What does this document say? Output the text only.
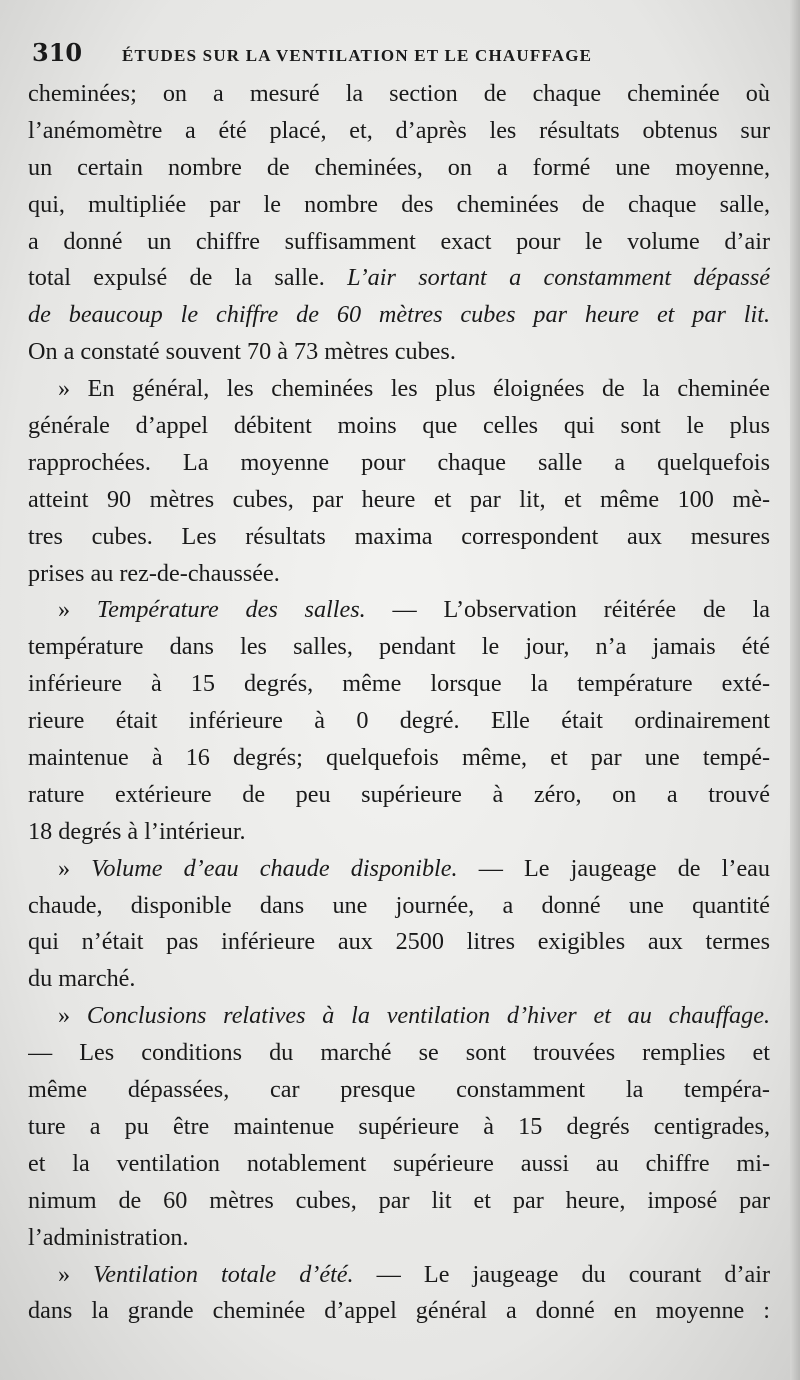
310	ÉTUDES SUR LA VENTILATION ET LE CHAUFFAGE
cheminées; on a mesuré la section de chaque cheminée où
l’anémomètre a été placé, et, d’après les résultats obtenus sur
un certain nombre de cheminées, on a formé une moyenne,
qui, multipliée par le nombre des cheminées de chaque salle,
a donné un chiffre suffisamment exact pour le volume d’air
total expulsé de la salle. L’air sortant a constamment dépassé
de beaucoup le chiffre de 60 mètres cubes par heure et par lit.
On a constaté souvent 70 à 73 mètres cubes.
» En général, les cheminées les plus éloignées de la cheminée
générale d’appel débitent moins que celles qui sont le plus
rapprochées. La moyenne pour chaque salle a quelquefois
atteint 90 mètres cubes, par heure et par lit, et même 100 mè-
tres cubes. Les résultats maxima correspondent aux mesures
prises au rez-de-chaussée.
» Température des salles. — L’observation réitérée de la
température dans les salles, pendant le jour, n’a jamais été
inférieure à 15 degrés, même lorsque la température exté-
rieure était inférieure à 0 degré. Elle était ordinairement
maintenue à 16 degrés; quelquefois même, et par une tempé-
rature extérieure de peu supérieure à zéro, on a trouvé
18 degrés à l’intérieur.
» Volume d’eau chaude disponible. — Le jaugeage de l’eau
chaude, disponible dans une journée, a donné une quantité
qui n’était pas inférieure aux 2500 litres exigibles aux termes
du marché.
» Conclusions relatives à la ventilation d’hiver et au chauffage.
— Les conditions du marché se sont trouvées remplies et
même dépassées, car presque constamment la tempéra-
ture a pu être maintenue supérieure à 15 degrés centigrades,
et la ventilation notablement supérieure aussi au chiffre mi-
nimum de 60 mètres cubes, par lit et par heure, imposé par
l’administration.
» Ventilation totale d’été. — Le jaugeage du courant d’air
dans la grande cheminée d’appel général a donné en moyenne :
